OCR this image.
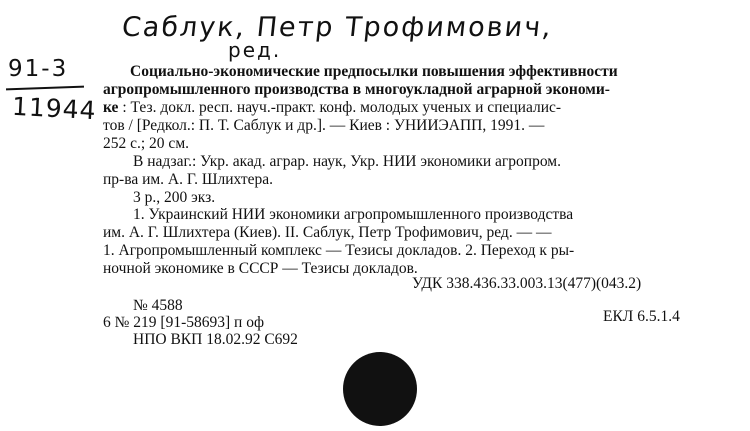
Саблук, Петр Трофимович,
ред.
91-3
11944
Социально-экономические предпосылки повышения эффективности
агропромышленного производства в многоукладной аграрной экономи-
ке : Тез. докл. респ. науч.-практ. конф. молодых ученых и специалис-
тов / [Редкол.: П. Т. Саблук и др.]. — Киев : УНИИЭАПП, 1991. —
252 с.; 20 см.
В надзаг.: Укр. акад. аграр. наук, Укр. НИИ экономики агропром.
пр-ва им. А. Г. Шлихтера.
3 р., 200 экз.
1. Украинский НИИ экономики агропромышленного производства
им. А. Г. Шлихтера (Киев). II. Саблук, Петр Трофимович, ред. — —
1. Агропромышленный комплекс — Тезисы докладов. 2. Переход к ры-
ночной экономике в СССР — Тезисы докладов.
УДК 338.436.33.003.13(477)(043.2)
№ 4588
6 № 219 [91-58693] п оф	ЕКЛ 6.5.1.4
НПО ВКП 18.02.92 С692
